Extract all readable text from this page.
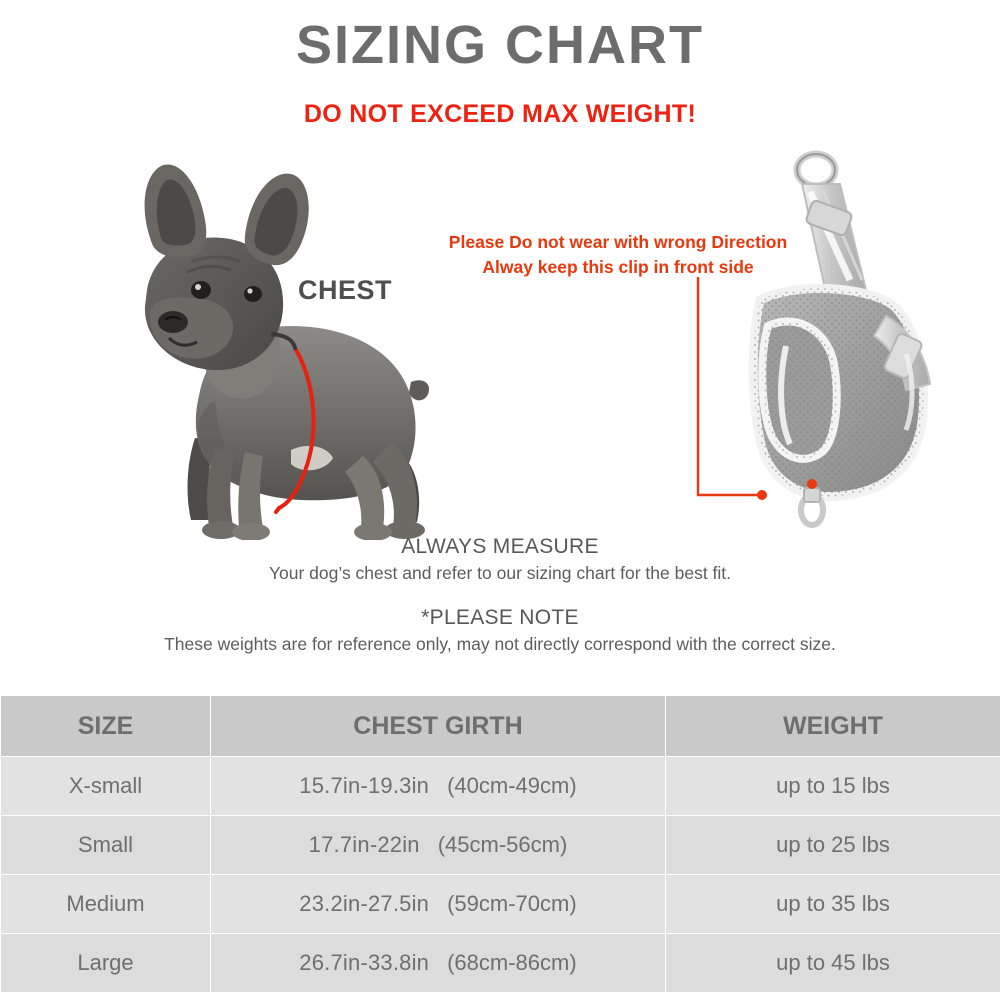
SIZING CHART
DO NOT EXCEED MAX WEIGHT!
CHEST
Please Do not wear with wrong Direction
Alway keep this clip in front side

ALWAYS MEASURE

Your dog’s chest and refer to our sizing chart for the best fit.

*PLEASE NOTE

These weights are for reference only, may not directly correspond with the correct size.

SIZE	CHEST GIRTH	WEIGHT
X-small	15.7in-19.3in (40cm-49cm)	up to 15 lbs
Small	17.7in-22in (45cm-56cm)	up to 25 lbs
Medium	23.2in-27.5in (59cm-70cm)	up to 35 lbs
Large	26.7in-33.8in (68cm-86cm)	up to 45 lbs
